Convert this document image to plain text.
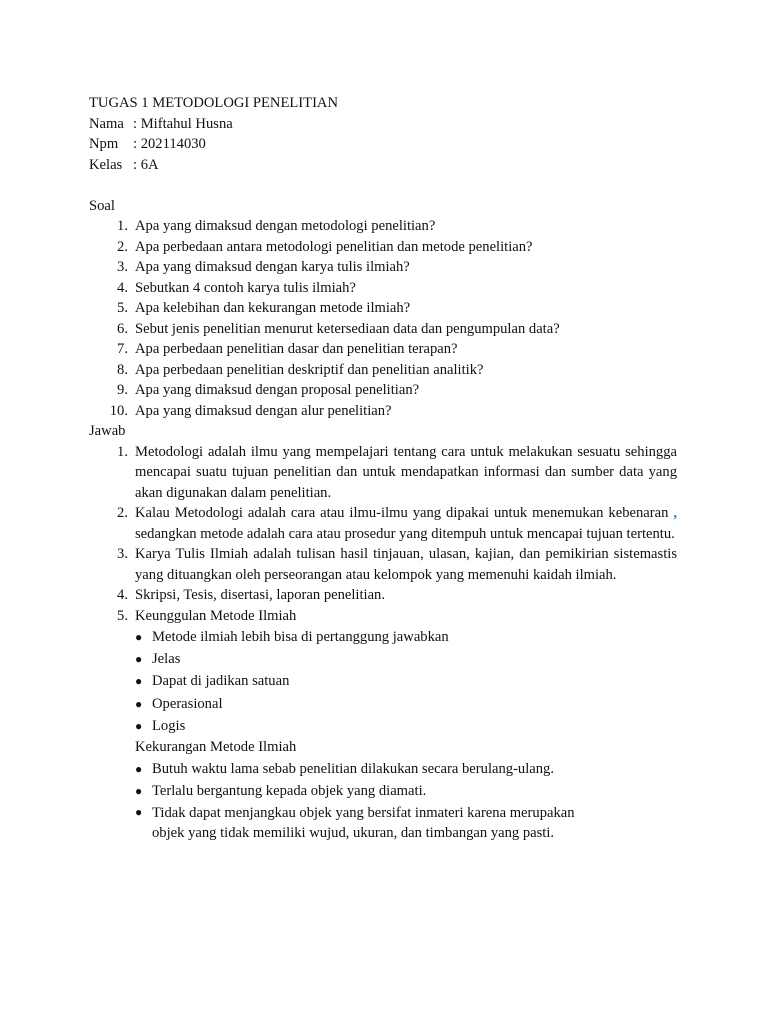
TUGAS 1 METODOLOGI PENELITIAN
Nama : Miftahul Husna
Npm	: 202114030
Kelas : 6A
Soal
1. Apa yang dimaksud dengan metodologi penelitian?
2. Apa perbedaan antara metodologi penelitian dan metode penelitian?
3. Apa yang dimaksud dengan karya tulis ilmiah?
4. Sebutkan 4 contoh karya tulis ilmiah?
5. Apa kelebihan dan kekurangan metode ilmiah?
6. Sebut jenis penelitian menurut ketersediaan data dan pengumpulan data?
7. Apa perbedaan penelitian dasar dan penelitian terapan?
8. Apa perbedaan penelitian deskriptif dan penelitian analitik?
9. Apa yang dimaksud dengan proposal penelitian?
10. Apa yang dimaksud dengan alur penelitian?
Jawab
1. Metodologi adalah ilmu yang mempelajari tentang cara untuk melakukan sesuatu sehingga mencapai suatu tujuan penelitian dan untuk mendapatkan informasi dan sumber data yang akan digunakan dalam penelitian.
2. Kalau Metodologi adalah cara atau ilmu-ilmu yang dipakai untuk menemukan kebenaran , sedangkan metode adalah cara atau prosedur yang ditempuh untuk mencapai tujuan tertentu.
3. Karya Tulis Ilmiah adalah tulisan hasil tinjauan, ulasan, kajian, dan pemikirian sistemastis yang dituangkan oleh perseorangan atau kelompok yang memenuhi kaidah ilmiah.
4. Skripsi, Tesis, disertasi, laporan penelitian.
5. Keunggulan Metode Ilmiah
● Metode ilmiah lebih bisa di pertanggung jawabkan
● Jelas
● Dapat di jadikan satuan
● Operasional
● Logis
Kekurangan Metode Ilmiah
● Butuh waktu lama sebab penelitian dilakukan secara berulang-ulang.
● Terlalu bergantung kepada objek yang diamati.
● Tidak dapat menjangkau objek yang bersifat inmateri karena merupakan objek yang tidak memiliki wujud, ukuran, dan timbangan yang pasti.
